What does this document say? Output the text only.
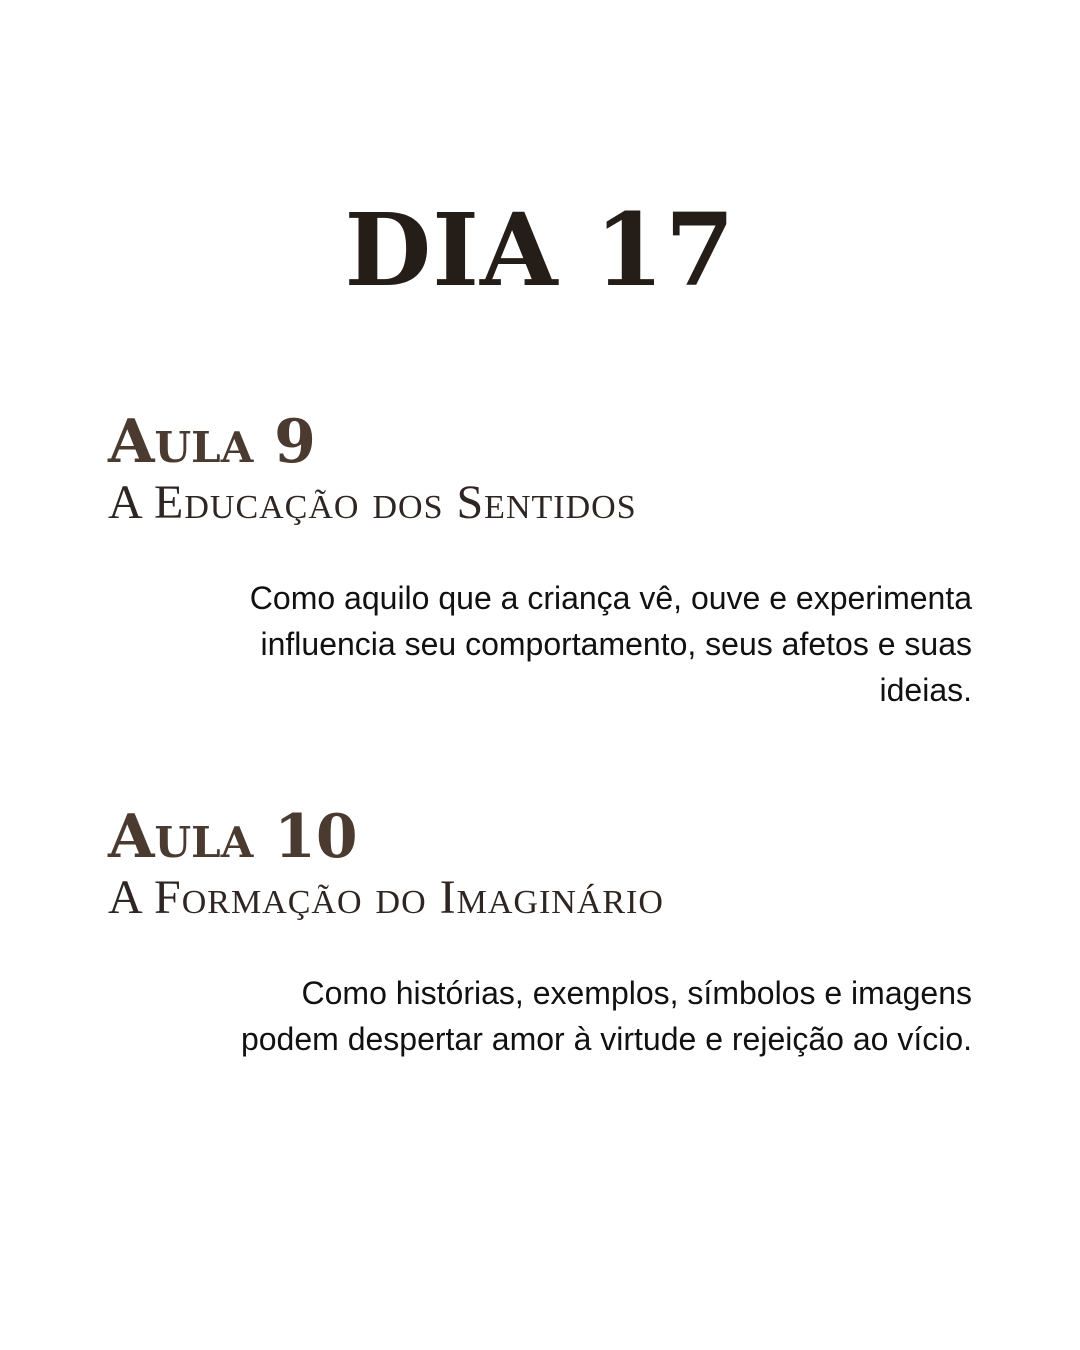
DIA 17
Aula 9
A Educação dos Sentidos
Como aquilo que a criança vê, ouve e experimenta influencia seu comportamento, seus afetos e suas ideias.
Aula 10
A Formação do Imaginário
Como histórias, exemplos, símbolos e imagens podem despertar amor à virtude e rejeição ao vício.
